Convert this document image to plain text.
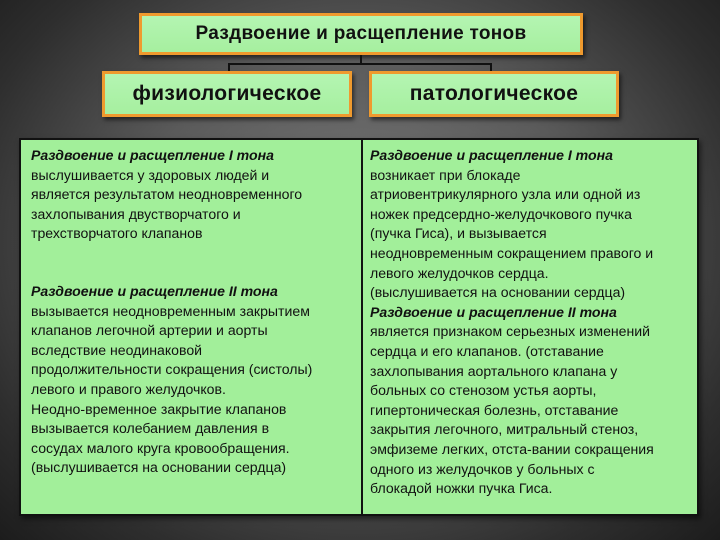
Раздвоение и расщепление тонов
физиологическое	патологическое
Раздвоение и расщепление I тона
выслушивается у здоровых людей и
является результатом неодновременного
захлопывания двустворчатого и
трехстворчатого клапанов
Раздвоение и расщепление II тона
вызывается неодновременным закрытием
клапанов легочной артерии и аорты
вследствие неодинаковой
продолжительности сокращения (систолы)
левого и правого желудочков.
Неодно-временное закрытие клапанов
вызывается колебанием давления в
сосудах малого круга кровообращения.
(выслушивается на основании сердца)
Раздвоение и расщепление I тона
возникает при блокаде
атриовентрикулярного узла или одной из
ножек предсердно-желудочкового пучка
(пучка Гиса), и вызывается
неодновременным сокращением правого и
левого желудочков сердца.
(выслушивается на основании сердца)
Раздвоение и расщепление II тона
является признаком серьезных изменений
сердца и его клапанов. (отставание
захлопывания аортального клапана у
больных со стенозом устья аорты,
гипертоническая болезнь, отставание
закрытия легочного, митральный стеноз,
эмфиземе легких, отста-вании сокращения
одного из желудочков у больных с
блокадой ножки пучка Гиса.
